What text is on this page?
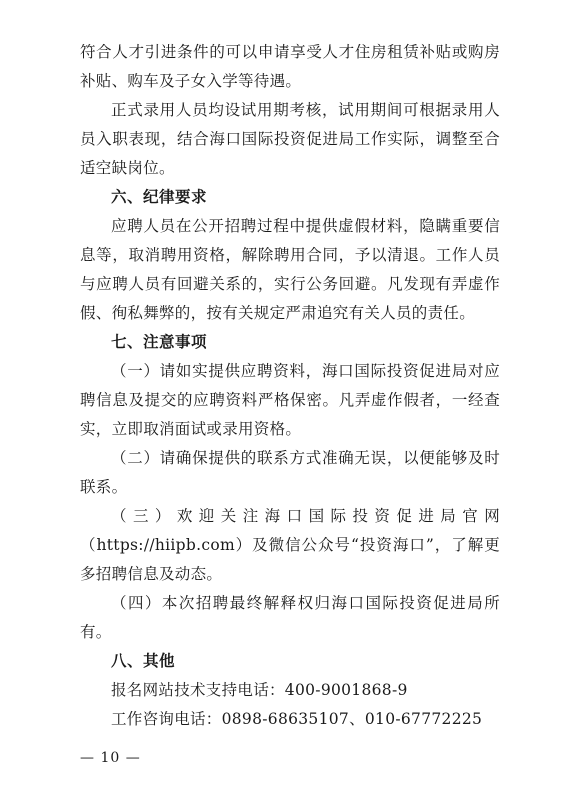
符合人才引进条件的可以申请享受人才住房租赁补贴或购房补贴、购车及子女入学等待遇。

正式录用人员均设试用期考核，试用期间可根据录用人员入职表现，结合海口国际投资促进局工作实际，调整至合适空缺岗位。

六、纪律要求

应聘人员在公开招聘过程中提供虚假材料，隐瞒重要信息等，取消聘用资格，解除聘用合同，予以清退。工作人员与应聘人员有回避关系的，实行公务回避。凡发现有弄虚作假、徇私舞弊的，按有关规定严肃追究有关人员的责任。

七、注意事项

（一）请如实提供应聘资料，海口国际投资促进局对应聘信息及提交的应聘资料严格保密。凡弄虚作假者，一经查实，立即取消面试或录用资格。

（二）请确保提供的联系方式准确无误，以便能够及时联系。

（三）欢迎关注海口国际投资促进局官网（https://hiipb.com）及微信公众号“投资海口”，了解更多招聘信息及动态。

（四）本次招聘最终解释权归海口国际投资促进局所有。

八、其他

报名网站技术支持电话：400-9001868-9

工作咨询电话：0898-68635107、010-67772225

— 10 —
